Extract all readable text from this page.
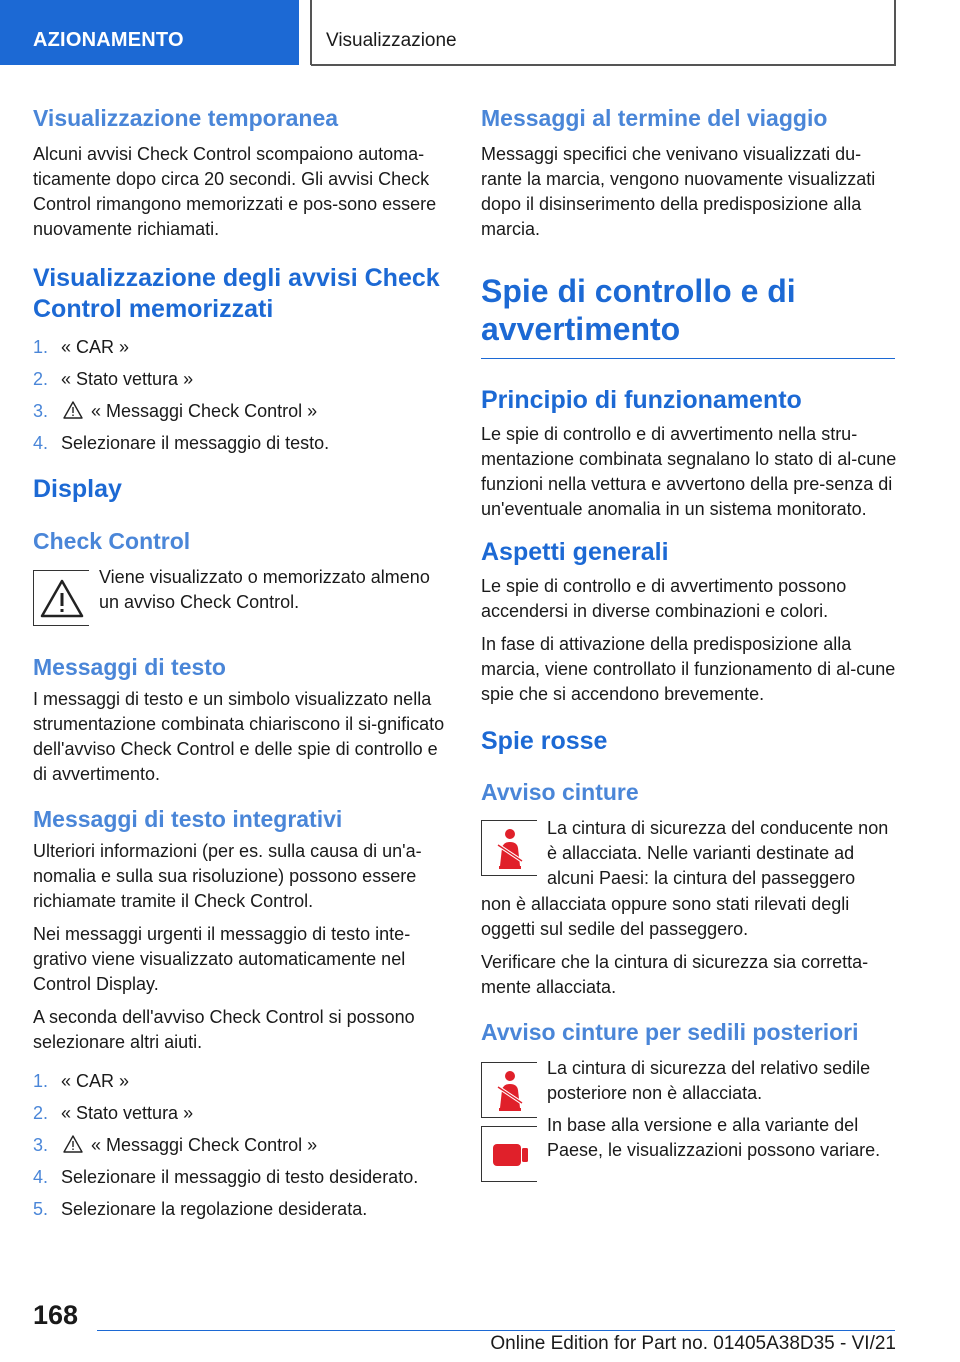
AZIONAMENTO	Visualizzazione
Visualizzazione temporanea

Alcuni avvisi Check Control scompaiono automa-ticamente dopo circa 20 secondi. Gli avvisi Check Control rimangono memorizzati e pos-sono essere nuovamente richiamati.

Visualizzazione degli avvisi Check Control memorizzati
1. « CAR »
2. « Stato vettura »
3. « Messaggi Check Control »
4. Selezionare il messaggio di testo.
Display
Check Control

Viene visualizzato o memorizzato almeno un avviso Check Control.

Messaggi di testo

I messaggi di testo e un simbolo visualizzato nella strumentazione combinata chiariscono il si-gnificato dell'avviso Check Control e delle spie di controllo e di avvertimento.

Messaggi di testo integrativi

Ulteriori informazioni (per es. sulla causa di un'a-nomalia e sulla sua risoluzione) possono essere richiamate tramite il Check Control.

Nei messaggi urgenti il messaggio di testo inte-grativo viene visualizzato automaticamente nel Control Display.

A seconda dell'avviso Check Control si possono selezionare altri aiuti.

1. « CAR »
2. « Stato vettura »
3. « Messaggi Check Control »
4. Selezionare il messaggio di testo desiderato.
5. Selezionare la regolazione desiderata.
Messaggi al termine del viaggio

Messaggi specifici che venivano visualizzati du-rante la marcia, vengono nuovamente visualizzati dopo il disinserimento della predisposizione alla marcia.

Spie di controllo e di avvertimento
Principio di funzionamento

Le spie di controllo e di avvertimento nella stru-mentazione combinata segnalano lo stato di al-cune funzioni nella vettura e avvertono della pre-senza di un'eventuale anomalia in un sistema monitorato.

Aspetti generali

Le spie di controllo e di avvertimento possono accendersi in diverse combinazioni e colori.

In fase di attivazione della predisposizione alla marcia, viene controllato il funzionamento di al-cune spie che si accendono brevemente.

Spie rosse
Avviso cinture

La cintura di sicurezza del conducente non è allacciata. Nelle varianti destinate ad alcuni Paesi: la cintura del passeggero

non è allacciata oppure sono stati rilevati degli oggetti sul sedile del passeggero.

Verificare che la cintura di sicurezza sia corretta-mente allacciata.

Avviso cinture per sedili posteriori

La cintura di sicurezza del relativo sedile posteriore non è allacciata.

In base alla versione e alla variante del Paese, le visualizzazioni possono variare.

168
Online Edition for Part no. 01405A38D35 - VI/21
